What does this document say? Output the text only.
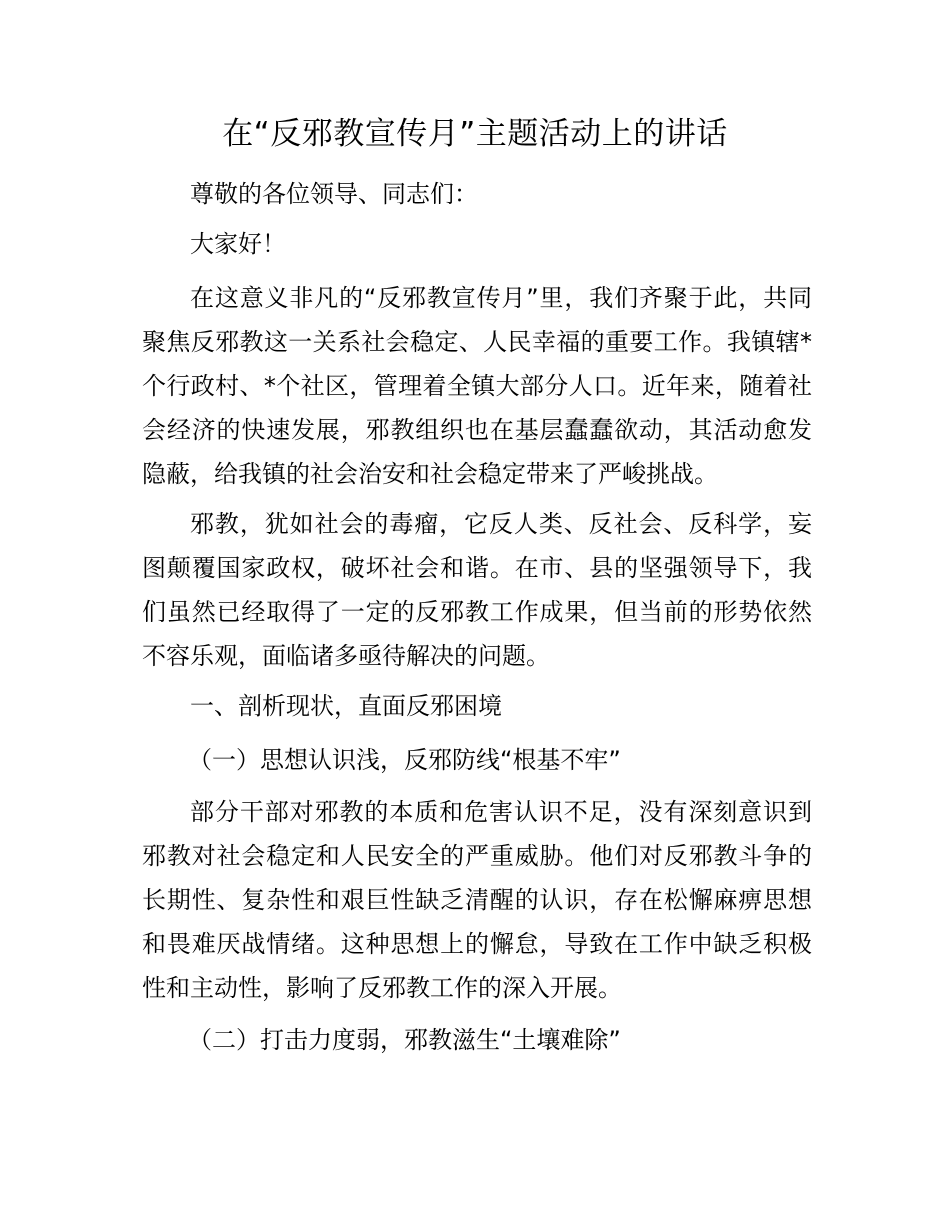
在“反邪教宣传月”主题活动上的讲话

尊敬的各位领导、同志们：

大家好！

在这意义非凡的“反邪教宣传月”里，我们齐聚于此，共同聚焦反邪教这一关系社会稳定、人民幸福的重要工作。我镇辖*个行政村、*个社区，管理着全镇大部分人口。近年来，随着社会经济的快速发展，邪教组织也在基层蠢蠢欲动，其活动愈发隐蔽，给我镇的社会治安和社会稳定带来了严峻挑战。

邪教，犹如社会的毒瘤，它反人类、反社会、反科学，妄图颠覆国家政权，破坏社会和谐。在市、县的坚强领导下，我们虽然已经取得了一定的反邪教工作成果，但当前的形势依然不容乐观，面临诸多亟待解决的问题。

一、剖析现状，直面反邪困境

（一）思想认识浅，反邪防线“根基不牢”

部分干部对邪教的本质和危害认识不足，没有深刻意识到邪教对社会稳定和人民安全的严重威胁。他们对反邪教斗争的长期性、复杂性和艰巨性缺乏清醒的认识，存在松懈麻痹思想和畏难厌战情绪。这种思想上的懈怠，导致在工作中缺乏积极性和主动性，影响了反邪教工作的深入开展。

（二）打击力度弱，邪教滋生“土壤难除”
